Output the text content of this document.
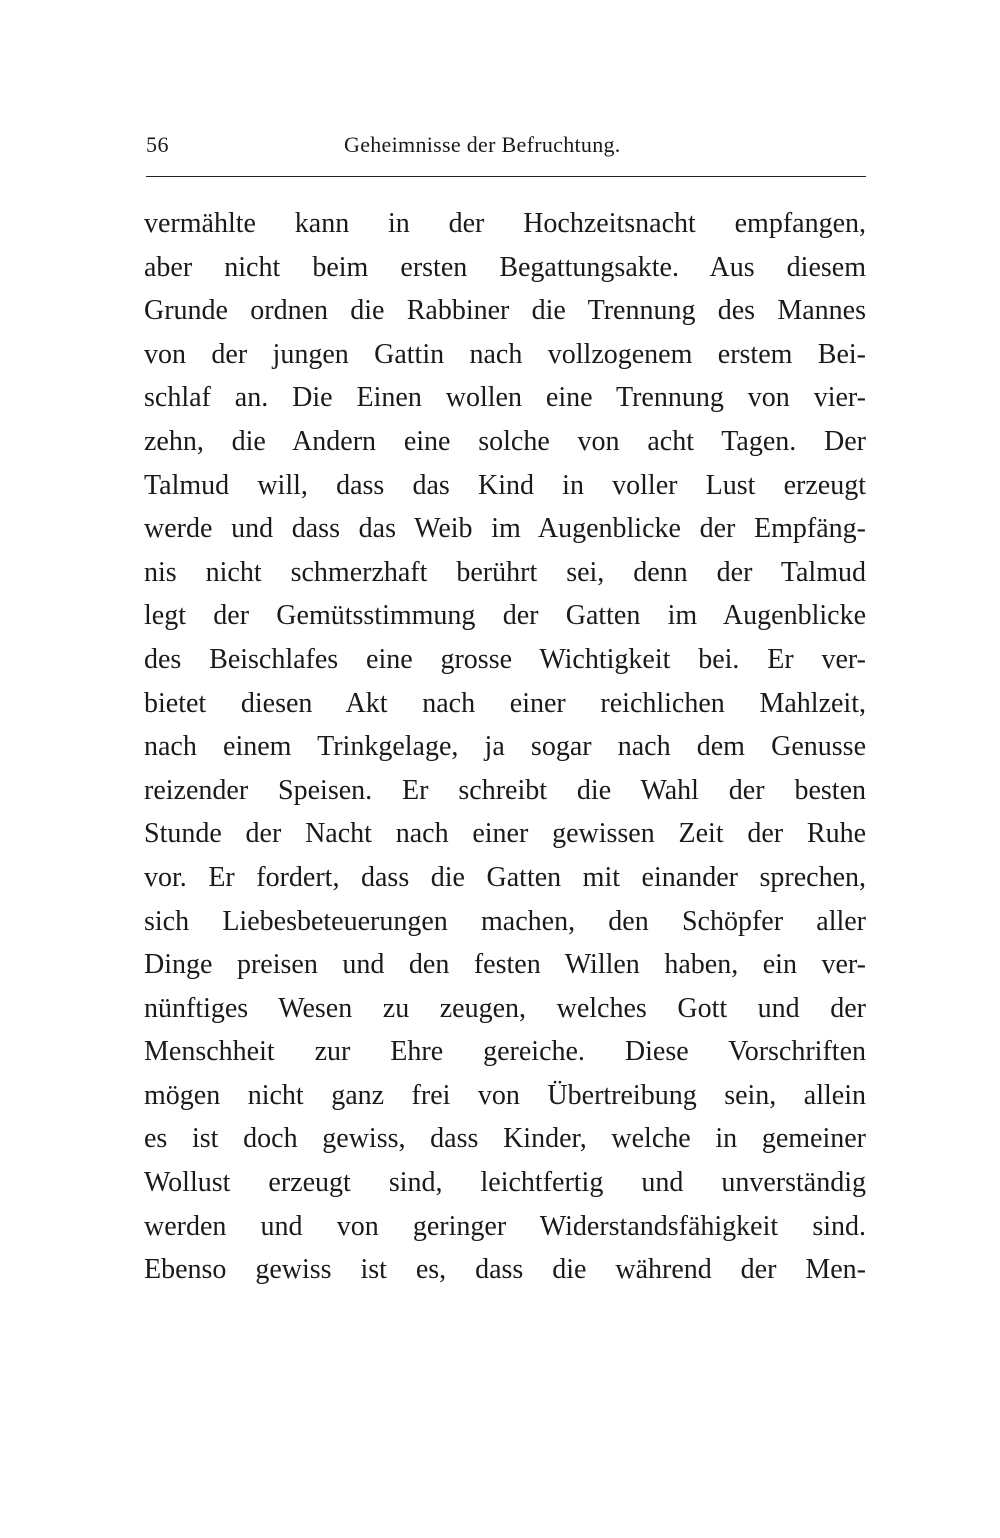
56	Geheimnisse der Befruchtung.
vermählte kann in der Hochzeitsnacht empfangen,
aber nicht beim ersten Begattungsakte. Aus diesem
Grunde ordnen die Rabbiner die Trennung des Mannes
von der jungen Gattin nach vollzogenem erstem Bei-
schlaf an. Die Einen wollen eine Trennung von vier-
zehn, die Andern eine solche von acht Tagen. Der
Talmud will, dass das Kind in voller Lust erzeugt
werde und dass das Weib im Augenblicke der Empfäng-
nis nicht schmerzhaft berührt sei, denn der Talmud
legt der Gemütsstimmung der Gatten im Augenblicke
des Beischlafes eine grosse Wichtigkeit bei. Er ver-
bietet diesen Akt nach einer reichlichen Mahlzeit,
nach einem Trinkgelage, ja sogar nach dem Genusse
reizender Speisen. Er schreibt die Wahl der besten
Stunde der Nacht nach einer gewissen Zeit der Ruhe
vor. Er fordert, dass die Gatten mit einander sprechen,
sich Liebesbeteuerungen machen, den Schöpfer aller
Dinge preisen und den festen Willen haben, ein ver-
nünftiges Wesen zu zeugen, welches Gott und der
Menschheit zur Ehre gereiche. Diese Vorschriften
mögen nicht ganz frei von Übertreibung sein, allein
es ist doch gewiss, dass Kinder, welche in gemeiner
Wollust erzeugt sind, leichtfertig und unverständig
werden und von geringer Widerstandsfähigkeit sind.
Ebenso gewiss ist es, dass die während der Men-
